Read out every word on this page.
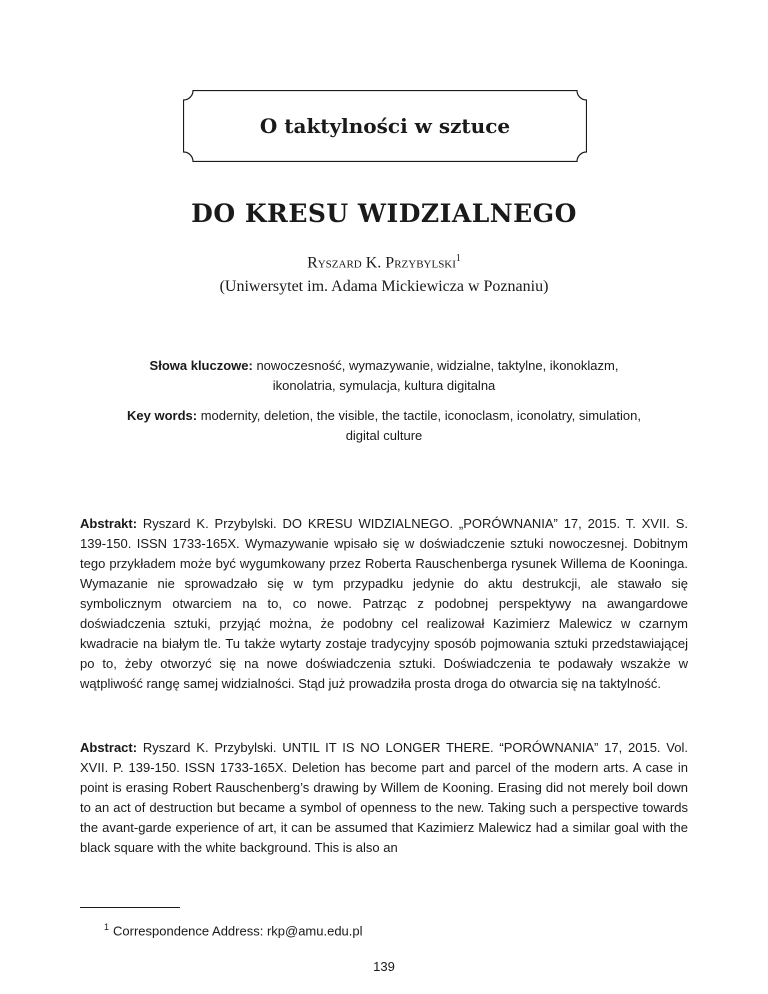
O taktylności w sztuce
DO KRESU WIDZIALNEGO
Ryszard K. Przybylski$^1$
(Uniwersytet im. Adama Mickiewicza w Poznaniu)
Słowa kluczowe: nowoczesność, wymazywanie, widzialne, taktylne, ikonoklazm, ikonolatria, symulacja, kultura digitalna
Key words: modernity, deletion, the visible, the tactile, iconoclasm, iconolatry, simulation, digital culture
Abstrakt: Ryszard K. Przybylski. DO KRESU WIDZIALNEGO. „PORÓWNANIA” 17, 2015. T. XVII. S. 139-150. ISSN 1733-165X. Wymazywanie wpisało się w doświadczenie sztuki nowoczesnej. Dobitnym tego przykładem może być wygumkowany przez Roberta Rauschenberga rysunek Willema de Kooninga. Wymazanie nie sprowadzało się w tym przypadku jedynie do aktu destrukcji, ale stawało się symbolicznym otwarciem na to, co nowe. Patrząc z podobnej perspektywy na awangardowe doświadczenia sztuki, przyjąć można, że podobny cel realizował Kazimierz Malewicz w czarnym kwadracie na białym tle. Tu także wytarty zostaje tradycyjny sposób pojmowania sztuki przedstawiającej po to, żeby otworzyć się na nowe doświadczenia sztuki. Doświadczenia te podawały wszakże w wątpliwość rangę samej widzialności. Stąd już prowadziła prosta droga do otwarcia się na taktylność.
Abstract: Ryszard K. Przybylski. UNTIL IT IS NO LONGER THERE. “PORÓWNANIA” 17, 2015. Vol. XVII. P. 139-150. ISSN 1733-165X. Deletion has become part and parcel of the modern arts. A case in point is erasing Robert Rauschenberg’s drawing by Willem de Kooning. Erasing did not merely boil down to an act of destruction but became a symbol of openness to the new. Taking such a perspective towards the avant-garde experience of art, it can be assumed that Kazimierz Malewicz had a similar goal with the black square with the white background. This is also an
$^1$ Correspondence Address: rkp@amu.edu.pl
139
